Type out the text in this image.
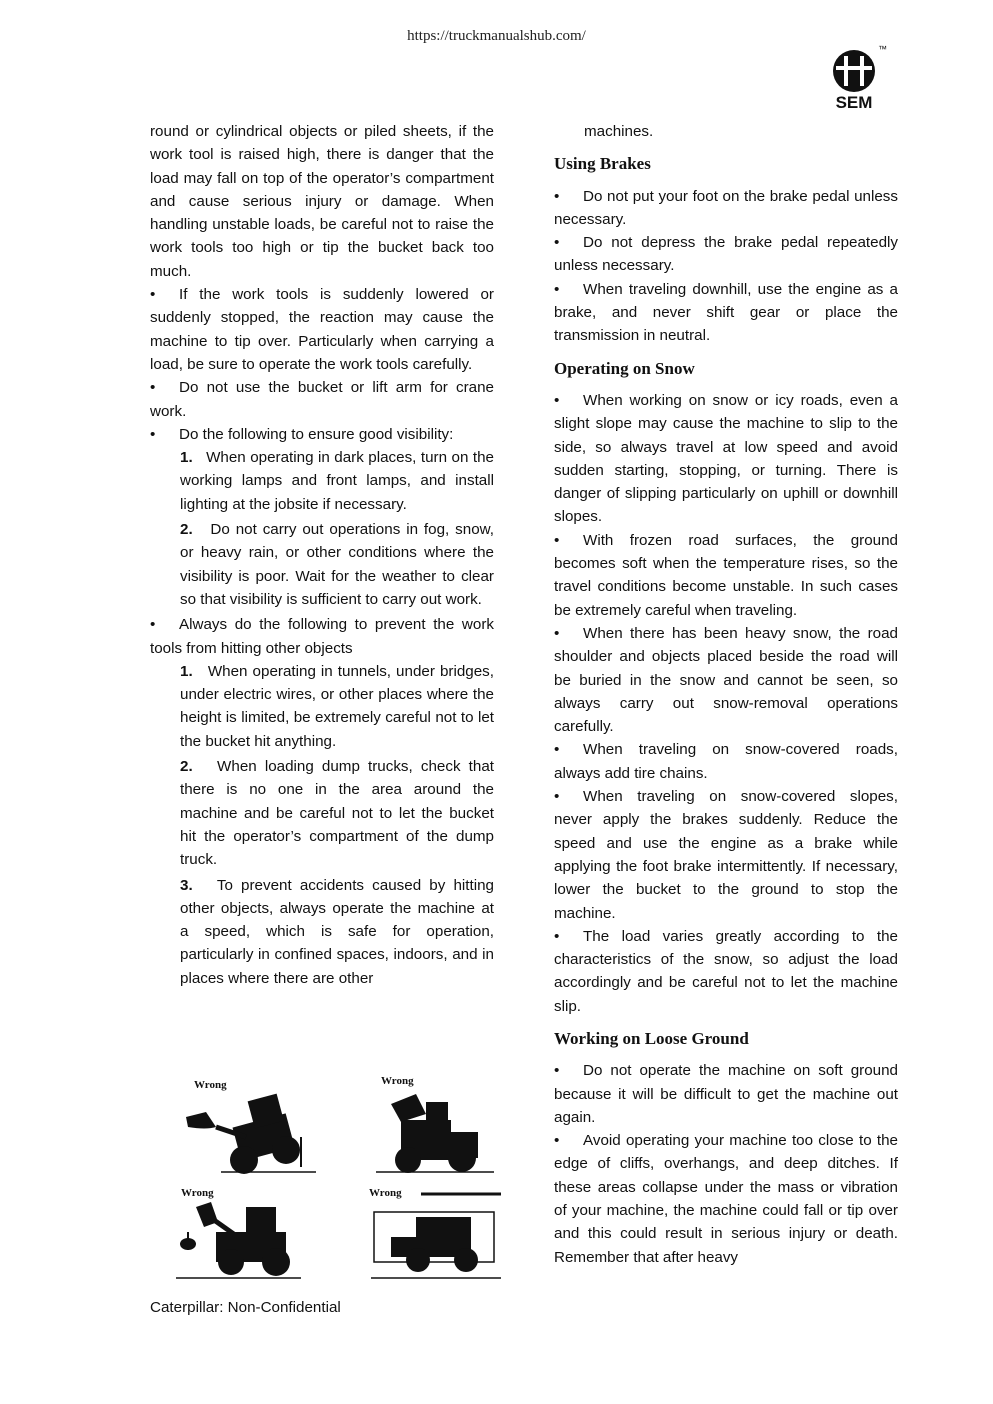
https://truckmanualshub.com/
™
SEM

round or cylindrical objects or piled sheets, if the work tool is raised high, there is danger that the load may fall on top of the operator’s compartment and cause serious injury or damage. When handling unstable loads, be careful not to raise the work tools too high or tip the bucket back too much.

• If the work tools is suddenly lowered or suddenly stopped, the reaction may cause the machine to tip over. Particularly when carrying a load, be sure to operate the work tools carefully.

• Do not use the bucket or lift arm for crane work.

• Do the following to ensure good visibility:

1. When operating in dark places, turn on the working lamps and front lamps, and install lighting at the jobsite if necessary.

2. Do not carry out operations in fog, snow, or heavy rain, or other conditions where the visibility is poor. Wait for the weather to clear so that visibility is sufficient to carry out work.

• Always do the following to prevent the work tools from hitting other objects

1. When operating in tunnels, under bridges, under electric wires, or other places where the height is limited, be extremely careful not to let the bucket hit anything.

2. When loading dump trucks, check that there is no one in the area around the machine and be careful not to let the bucket hit the operator’s compartment of the dump truck.

3. To prevent accidents caused by hitting other objects, always operate the machine at a speed, which is safe for operation, particularly in confined spaces, indoors, and in places where there are other

Wrong	Wrong
Wrong	Wrong

machines.

Using Brakes

• Do not put your foot on the brake pedal unless necessary.

• Do not depress the brake pedal repeatedly unless necessary.

• When traveling downhill, use the engine as a brake, and never shift gear or place the transmission in neutral.

Operating on Snow

• When working on snow or icy roads, even a slight slope may cause the machine to slip to the side, so always travel at low speed and avoid sudden starting, stopping, or turning. There is danger of slipping particularly on uphill or downhill slopes.

• With frozen road surfaces, the ground becomes soft when the temperature rises, so the travel conditions become unstable. In such cases be extremely careful when traveling.

• When there has been heavy snow, the road shoulder and objects placed beside the road will be buried in the snow and cannot be seen, so always carry out snow-removal operations carefully.

• When traveling on snow-covered roads, always add tire chains.

• When traveling on snow-covered slopes, never apply the brakes suddenly. Reduce the speed and use the engine as a brake while applying the foot brake intermittently. If necessary, lower the bucket to the ground to stop the machine.

• The load varies greatly according to the characteristics of the snow, so adjust the load accordingly and be careful not to let the machine slip.

Working on Loose Ground

• Do not operate the machine on soft ground because it will be difficult to get the machine out again.

• Avoid operating your machine too close to the edge of cliffs, overhangs, and deep ditches. If these areas collapse under the mass or vibration of your machine, the machine could fall or tip over and this could result in serious injury or death. Remember that after heavy

Caterpillar: Non-Confidential
